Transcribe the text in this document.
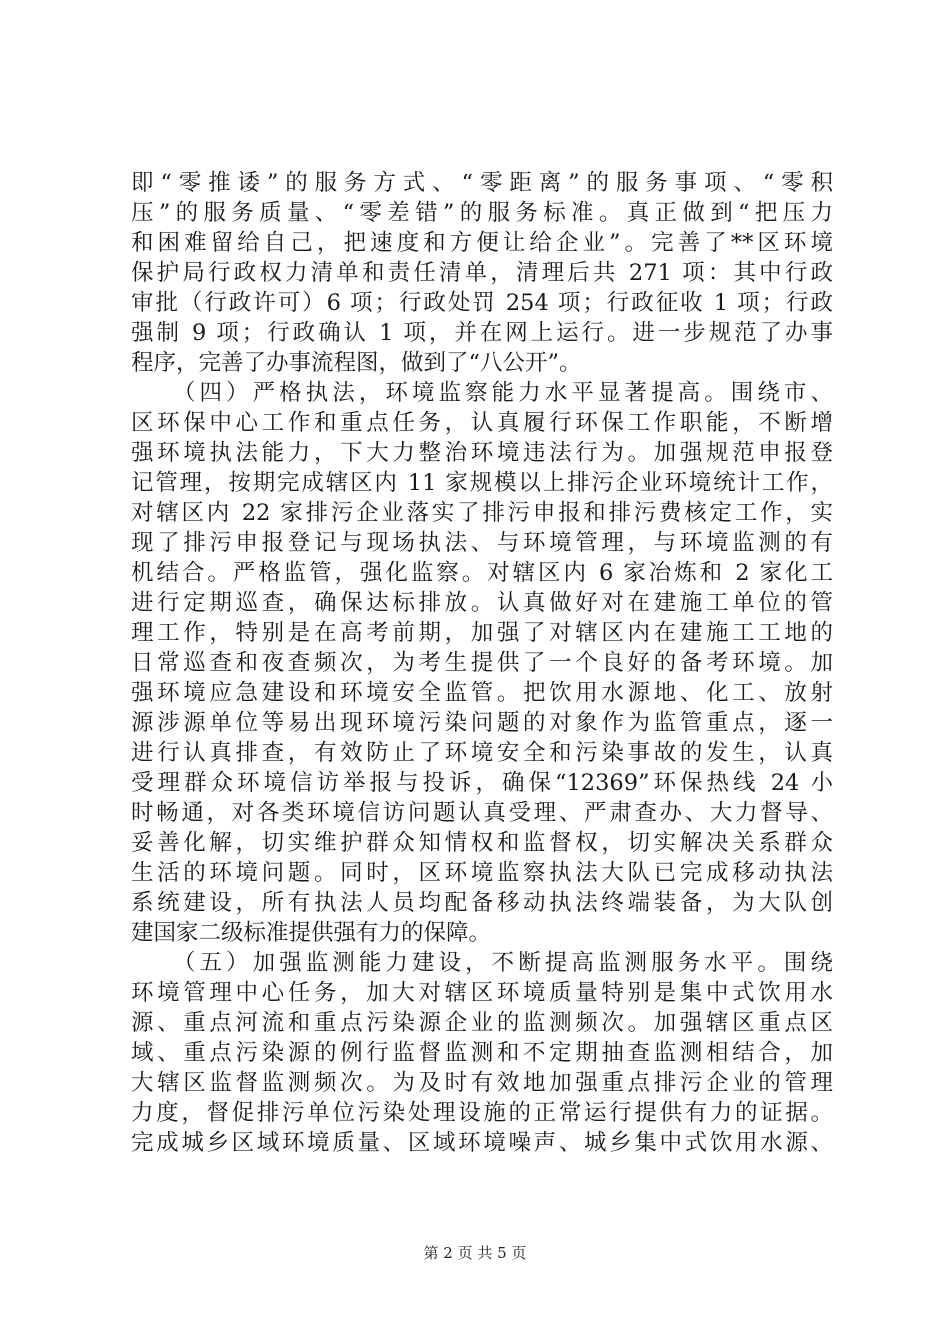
即“零推诿”的服务方式、“零距离”的服务事项、“零积
压”的服务质量、“零差错”的服务标准。真正做到“把压力
和困难留给自己，把速度和方便让给企业”。完善了**区环境
保护局行政权力清单和责任清单，清理后共 271 项：其中行政
审批（行政许可）6 项；行政处罚 254 项；行政征收 1 项；行政
强制 9 项；行政确认 1 项，并在网上运行。进一步规范了办事
程序，完善了办事流程图，做到了“八公开”。
　　（四）严格执法，环境监察能力水平显著提高。围绕市、
区环保中心工作和重点任务，认真履行环保工作职能，不断增
强环境执法能力，下大力整治环境违法行为。加强规范申报登
记管理，按期完成辖区内 11 家规模以上排污企业环境统计工作，
对辖区内 22 家排污企业落实了排污申报和排污费核定工作，实
现了排污申报登记与现场执法、与环境管理，与环境监测的有
机结合。严格监管，强化监察。对辖区内 6 家冶炼和 2 家化工
进行定期巡查，确保达标排放。认真做好对在建施工单位的管
理工作，特别是在高考前期，加强了对辖区内在建施工工地的
日常巡查和夜查频次，为考生提供了一个良好的备考环境。加
强环境应急建设和环境安全监管。把饮用水源地、化工、放射
源涉源单位等易出现环境污染问题的对象作为监管重点，逐一
进行认真排查，有效防止了环境安全和污染事故的发生，认真
受理群众环境信访举报与投诉，确保“12369”环保热线 24 小
时畅通，对各类环境信访问题认真受理、严肃查办、大力督导、
妥善化解，切实维护群众知情权和监督权，切实解决关系群众
生活的环境问题。同时，区环境监察执法大队已完成移动执法
系统建设，所有执法人员均配备移动执法终端装备，为大队创
建国家二级标准提供强有力的保障。
　　（五）加强监测能力建设，不断提高监测服务水平。围绕
环境管理中心任务，加大对辖区环境质量特别是集中式饮用水
源、重点河流和重点污染源企业的监测频次。加强辖区重点区
域、重点污染源的例行监督监测和不定期抽查监测相结合，加
大辖区监督监测频次。为及时有效地加强重点排污企业的管理
力度，督促排污单位污染处理设施的正常运行提供有力的证据。
完成城乡区域环境质量、区域环境噪声、城乡集中式饮用水源、
第 2 页 共 5 页
